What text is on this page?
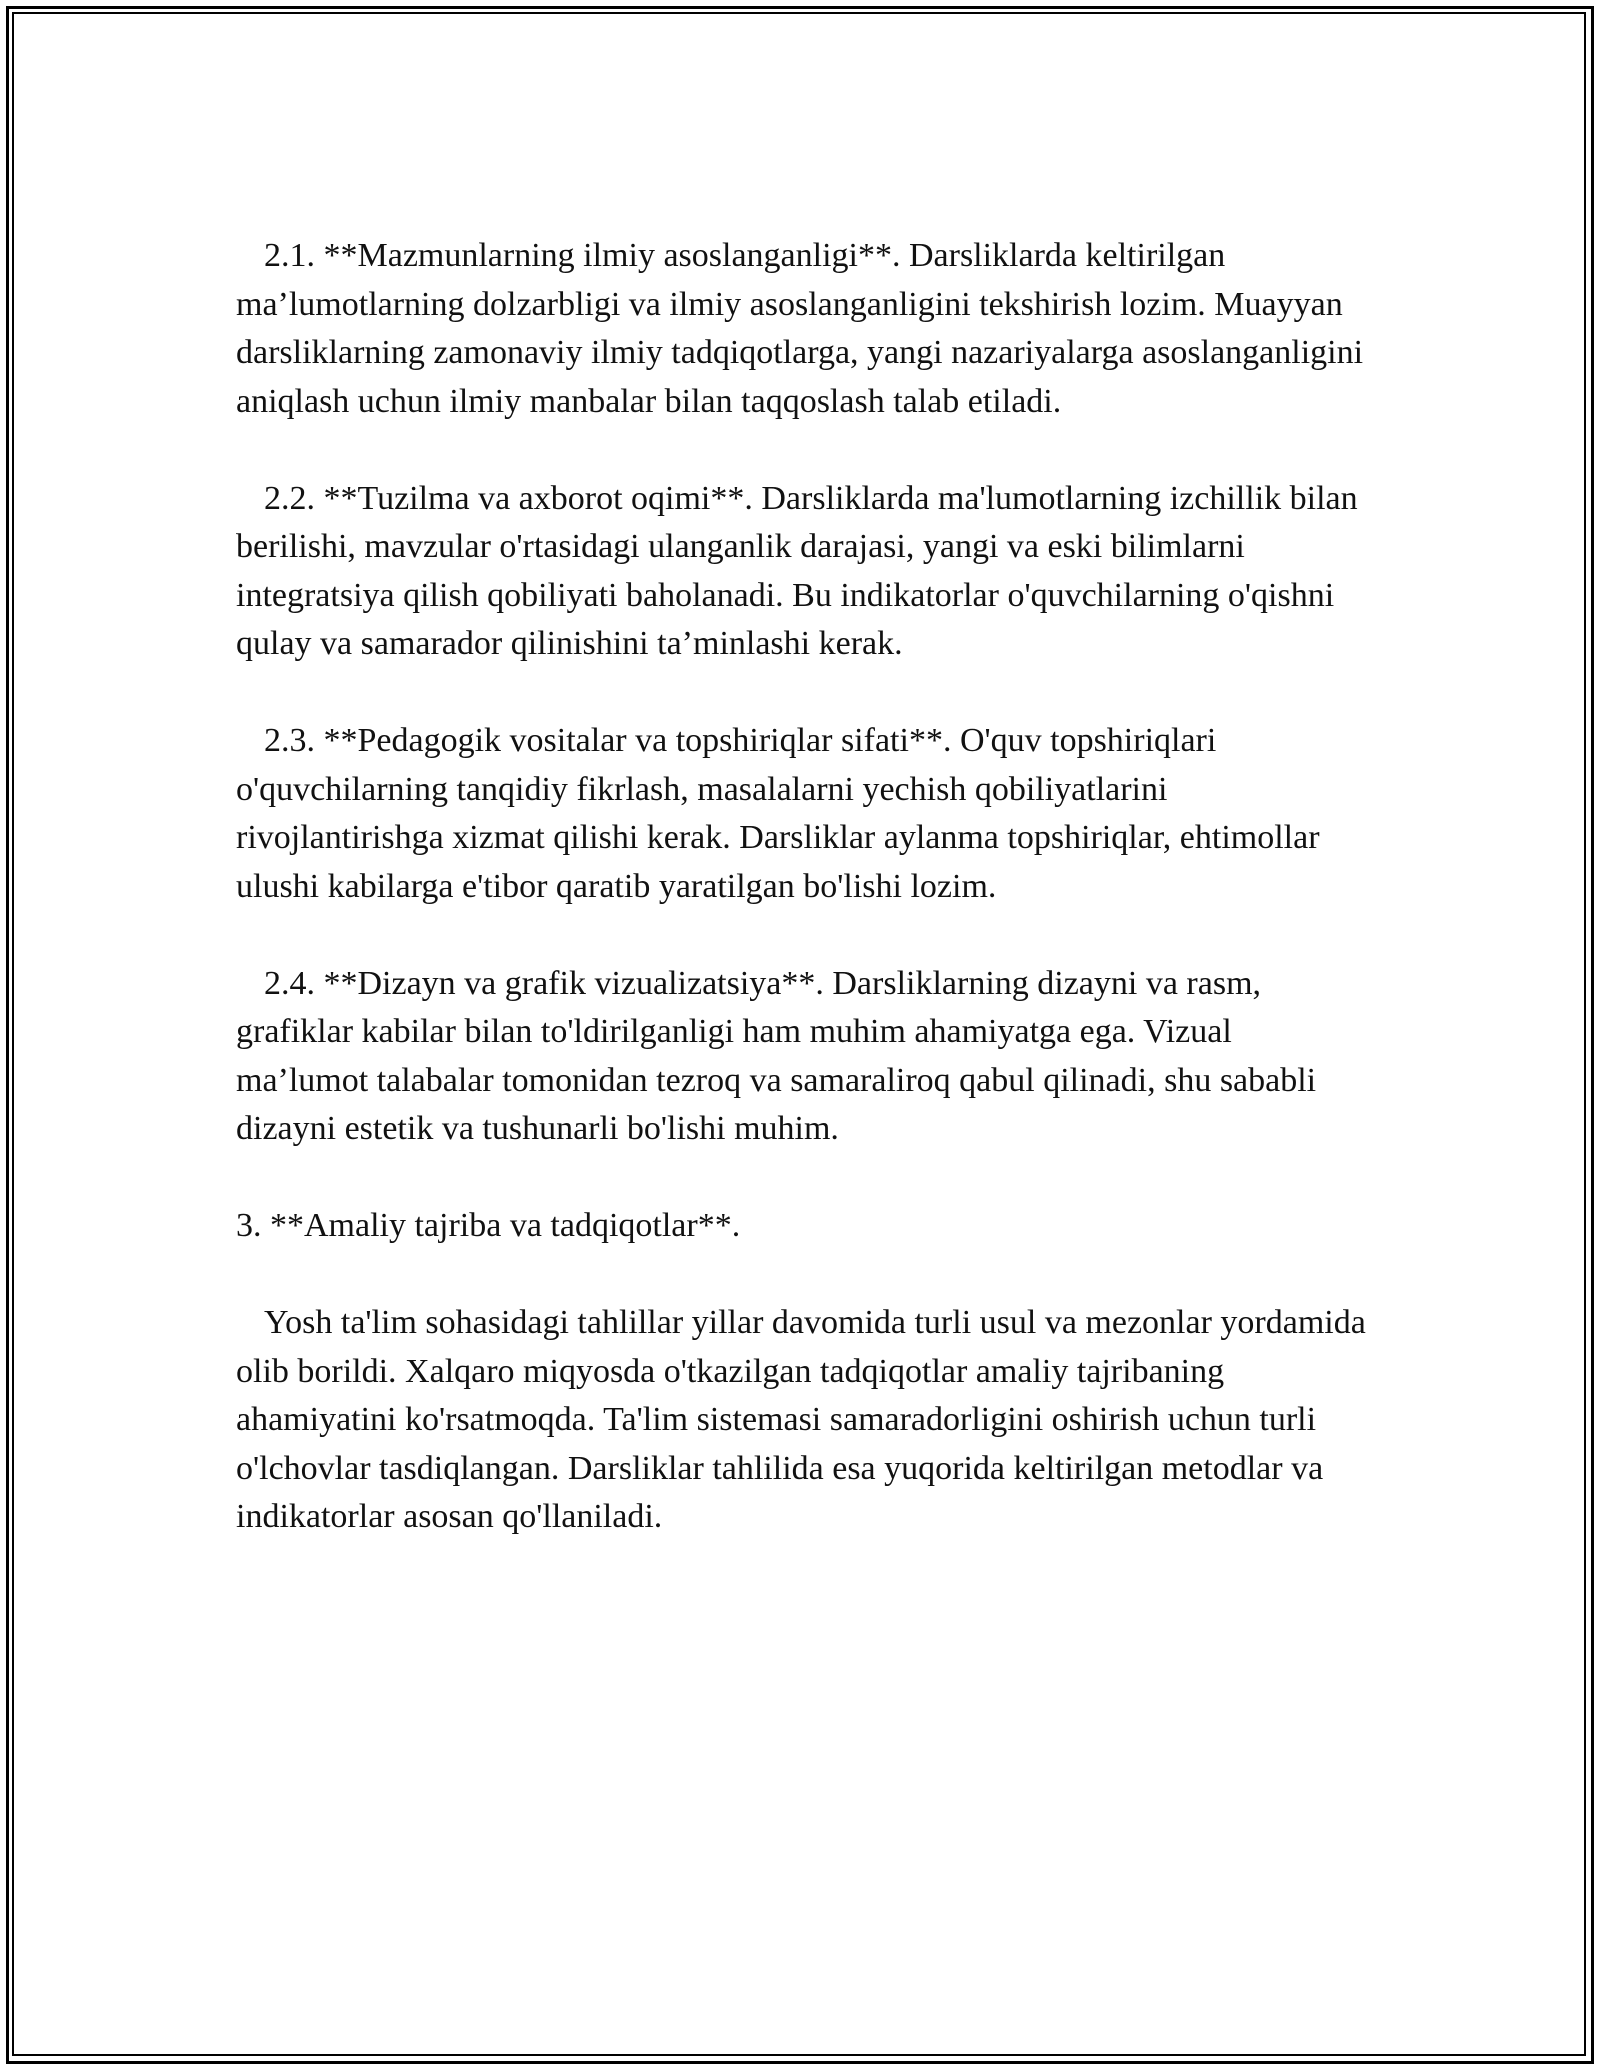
2.1. **Mazmunlarning ilmiy asoslanganligi**. Darsliklarda keltirilgan ma’lumotlarning dolzarbligi va ilmiy asoslanganligini tekshirish lozim. Muayyan darsliklarning zamonaviy ilmiy tadqiqotlarga, yangi nazariyalarga asoslanganligini aniqlash uchun ilmiy manbalar bilan taqqoslash talab etiladi.

2.2. **Tuzilma va axborot oqimi**. Darsliklarda ma'lumotlarning izchillik bilan berilishi, mavzular o'rtasidagi ulanganlik darajasi, yangi va eski bilimlarni integratsiya qilish qobiliyati baholanadi. Bu indikatorlar o'quvchilarning o'qishni qulay va samarador qilinishini ta’minlashi kerak.

2.3. **Pedagogik vositalar va topshiriqlar sifati**. O'quv topshiriqlari o'quvchilarning tanqidiy fikrlash, masalalarni yechish qobiliyatlarini rivojlantirishga xizmat qilishi kerak. Darsliklar aylanma topshiriqlar, ehtimollar ulushi kabilarga e'tibor qaratib yaratilgan bo'lishi lozim.

2.4. **Dizayn va grafik vizualizatsiya**. Darsliklarning dizayni va rasm, grafiklar kabilar bilan to'ldirilganligi ham muhim ahamiyatga ega. Vizual ma’lumot talabalar tomonidan tezroq va samaraliroq qabul qilinadi, shu sababli dizayni estetik va tushunarli bo'lishi muhim.

3. **Amaliy tajriba va tadqiqotlar**.

Yosh ta'lim sohasidagi tahlillar yillar davomida turli usul va mezonlar yordamida olib borildi. Xalqaro miqyosda o'tkazilgan tadqiqotlar amaliy tajribaning ahamiyatini ko'rsatmoqda. Ta'lim sistemasi samaradorligini oshirish uchun turli o'lchovlar tasdiqlangan. Darsliklar tahlilida esa yuqorida keltirilgan metodlar va indikatorlar asosan qo'llaniladi.
